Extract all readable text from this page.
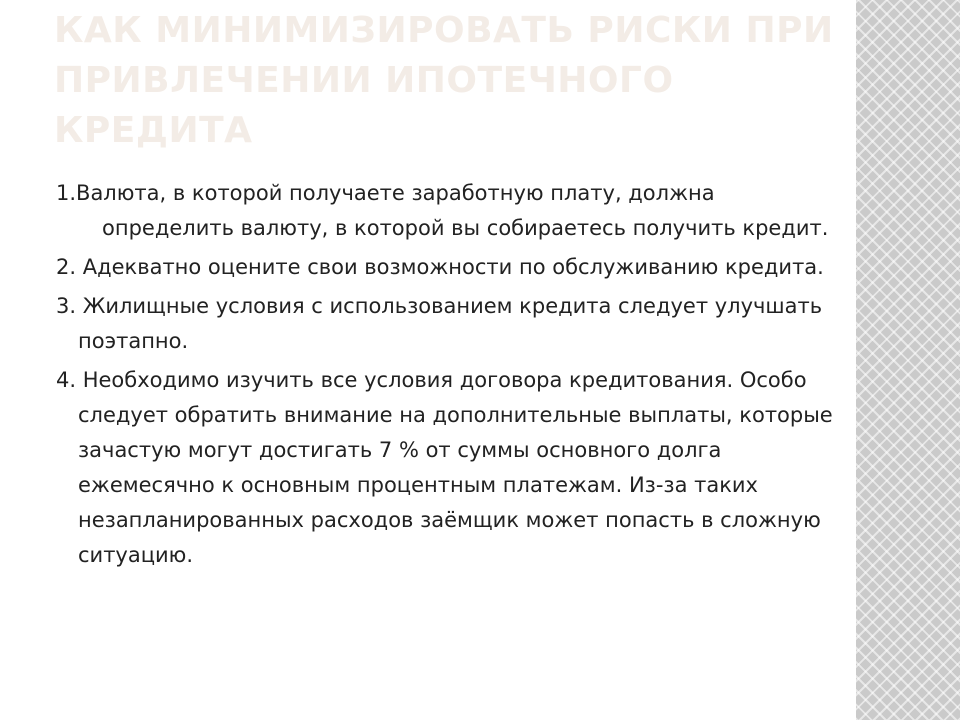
КАК МИНИМИЗИРОВАТЬ РИСКИ ПРИ ПРИВЛЕЧЕНИИ ИПОТЕЧНОГО КРЕДИТА
1.Валюта, в которой получаете заработную плату, должна определить валюту, в которой вы собираетесь получить кредит.
2. Адекватно оцените свои возможности по обслуживанию кредита.
3. Жилищные условия с использованием кредита следует улучшать поэтапно.
4. Необходимо изучить все условия договора кредитования. Особо следует обратить внимание на дополнительные выплаты, которые зачастую могут достигать 7 % от суммы основного долга ежемесячно к основным процентным платежам. Из-за таких незапланированных расходов заёмщик может попасть в сложную ситуацию.
